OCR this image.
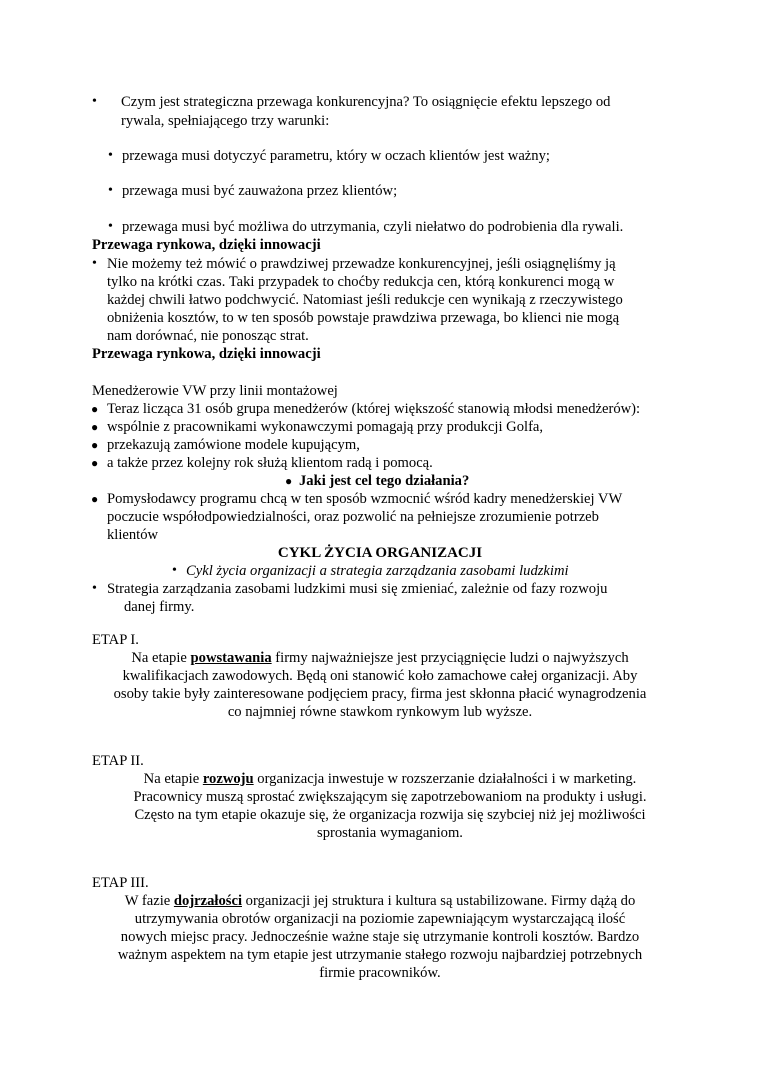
• Czym jest strategiczna przewaga konkurencyjna? To osiągnięcie efektu lepszego od
rywala, spełniającego trzy warunki:
• przewaga musi dotyczyć parametru, który w oczach klientów jest ważny;
• przewaga musi być zauważona przez klientów;
• przewaga musi być możliwa do utrzymania, czyli niełatwo do podrobienia dla rywali.
Przewaga rynkowa, dzięki innowacji
• Nie możemy też mówić o prawdziwej przewadze konkurencyjnej, jeśli osiągnęliśmy ją
tylko na krótki czas. Taki przypadek to choćby redukcja cen, którą konkurenci mogą w
każdej chwili łatwo podchwycić. Natomiast jeśli redukcje cen wynikają z rzeczywistego
obniżenia kosztów, to w ten sposób powstaje prawdziwa przewaga, bo klienci nie mogą
nam dorównać, nie ponosząc strat.
Przewaga rynkowa, dzięki innowacji
Menedżerowie VW przy linii montażowej
● Teraz licząca 31 osób grupa menedżerów (której większość stanowią młodsi menedżerów):
● wspólnie z pracownikami wykonawczymi pomagają przy produkcji Golfa,
● przekazują zamówione modele kupującym,
● a także przez kolejny rok służą klientom radą i pomocą.
● Jaki jest cel tego działania?
● Pomysłodawcy programu chcą w ten sposób wzmocnić wśród kadry menedżerskiej VW
poczucie współodpowiedzialności, oraz pozwolić na pełniejsze zrozumienie potrzeb
klientów
CYKL ŻYCIA ORGANIZACJI
• Cykl życia organizacji a strategia zarządzania zasobami ludzkimi
• Strategia zarządzania zasobami ludzkimi musi się zmieniać, zależnie od fazy rozwoju
danej firmy.
ETAP I.
Na etapie powstawania firmy najważniejsze jest przyciągnięcie ludzi o najwyższych
kwalifikacjach zawodowych. Będą oni stanowić koło zamachowe całej organizacji. Aby
osoby takie były zainteresowane podjęciem pracy, firma jest skłonna płacić wynagrodzenia
co najmniej równe stawkom rynkowym lub wyższe.
ETAP II.
Na etapie rozwoju organizacja inwestuje w rozszerzanie działalności i w marketing.
Pracownicy muszą sprostać zwiększającym się zapotrzebowaniom na produkty i usługi.
Często na tym etapie okazuje się, że organizacja rozwija się szybciej niż jej możliwości
sprostania wymaganiom.
ETAP III.
W fazie dojrzałości organizacji jej struktura i kultura są ustabilizowane. Firmy dążą do
utrzymywania obrotów organizacji na poziomie zapewniającym wystarczającą ilość
nowych miejsc pracy. Jednocześnie ważne staje się utrzymanie kontroli kosztów. Bardzo
ważnym aspektem na tym etapie jest utrzymanie stałego rozwoju najbardziej potrzebnych
firmie pracowników.
